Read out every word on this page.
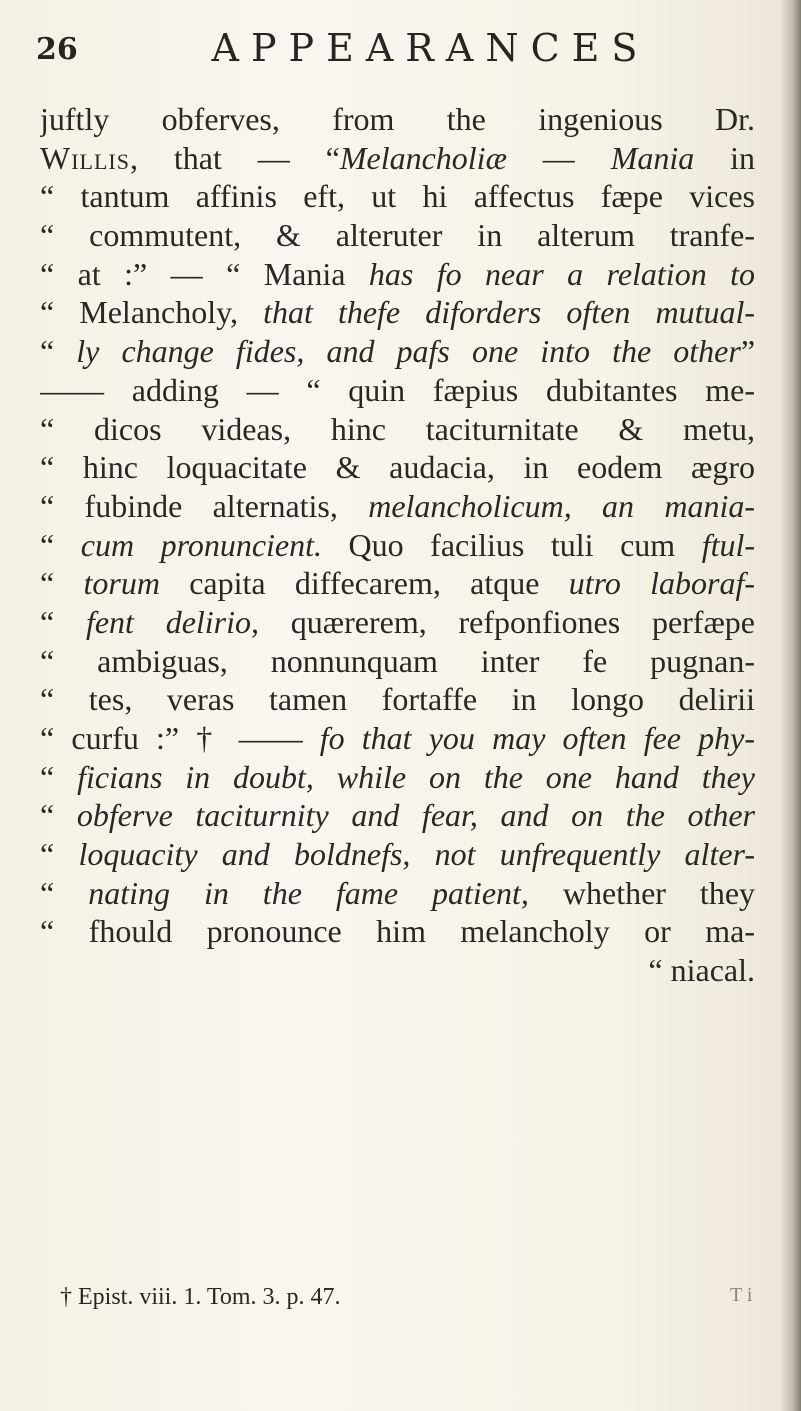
26	APPEARANCES
juftly obferves, from the ingenious Dr.
Willis, that — “Melancholiæ — Mania in
“ tantum affinis eft, ut hi affectus fæpe vices
“ commutent, & alteruter in alterum tranfe-
“ at :” — “ Mania has fo near a relation to
“ Melancholy, that thefe diforders often mutual-
“ ly change fides, and pafs one into the other”
—— adding — “ quin fæpius dubitantes me-
“ dicos videas, hinc taciturnitate & metu,
“ hinc loquacitate & audacia, in eodem ægro
“ fubinde alternatis, melancholicum, an mania-
“ cum pronuncient. Quo facilius tuli cum ftul-
“ torum capita diffecarem, atque utro laboraf-
“ fent delirio, quærerem, refponfiones perfæpe
“ ambiguas, nonnunquam inter fe pugnan-
“ tes, veras tamen fortaffe in longo delirii
“ curfu :” † —— fo that you may often fee phy-
“ ficians in doubt, while on the one hand they
“ obferve taciturnity and fear, and on the other
“ loquacity and boldnefs, not unfrequently alter-
“ nating in the fame patient, whether they
“ fhould pronounce him melancholy or ma-
“ niacal.
† Epist. viii. 1. Tom. 3. p. 47.	T i
